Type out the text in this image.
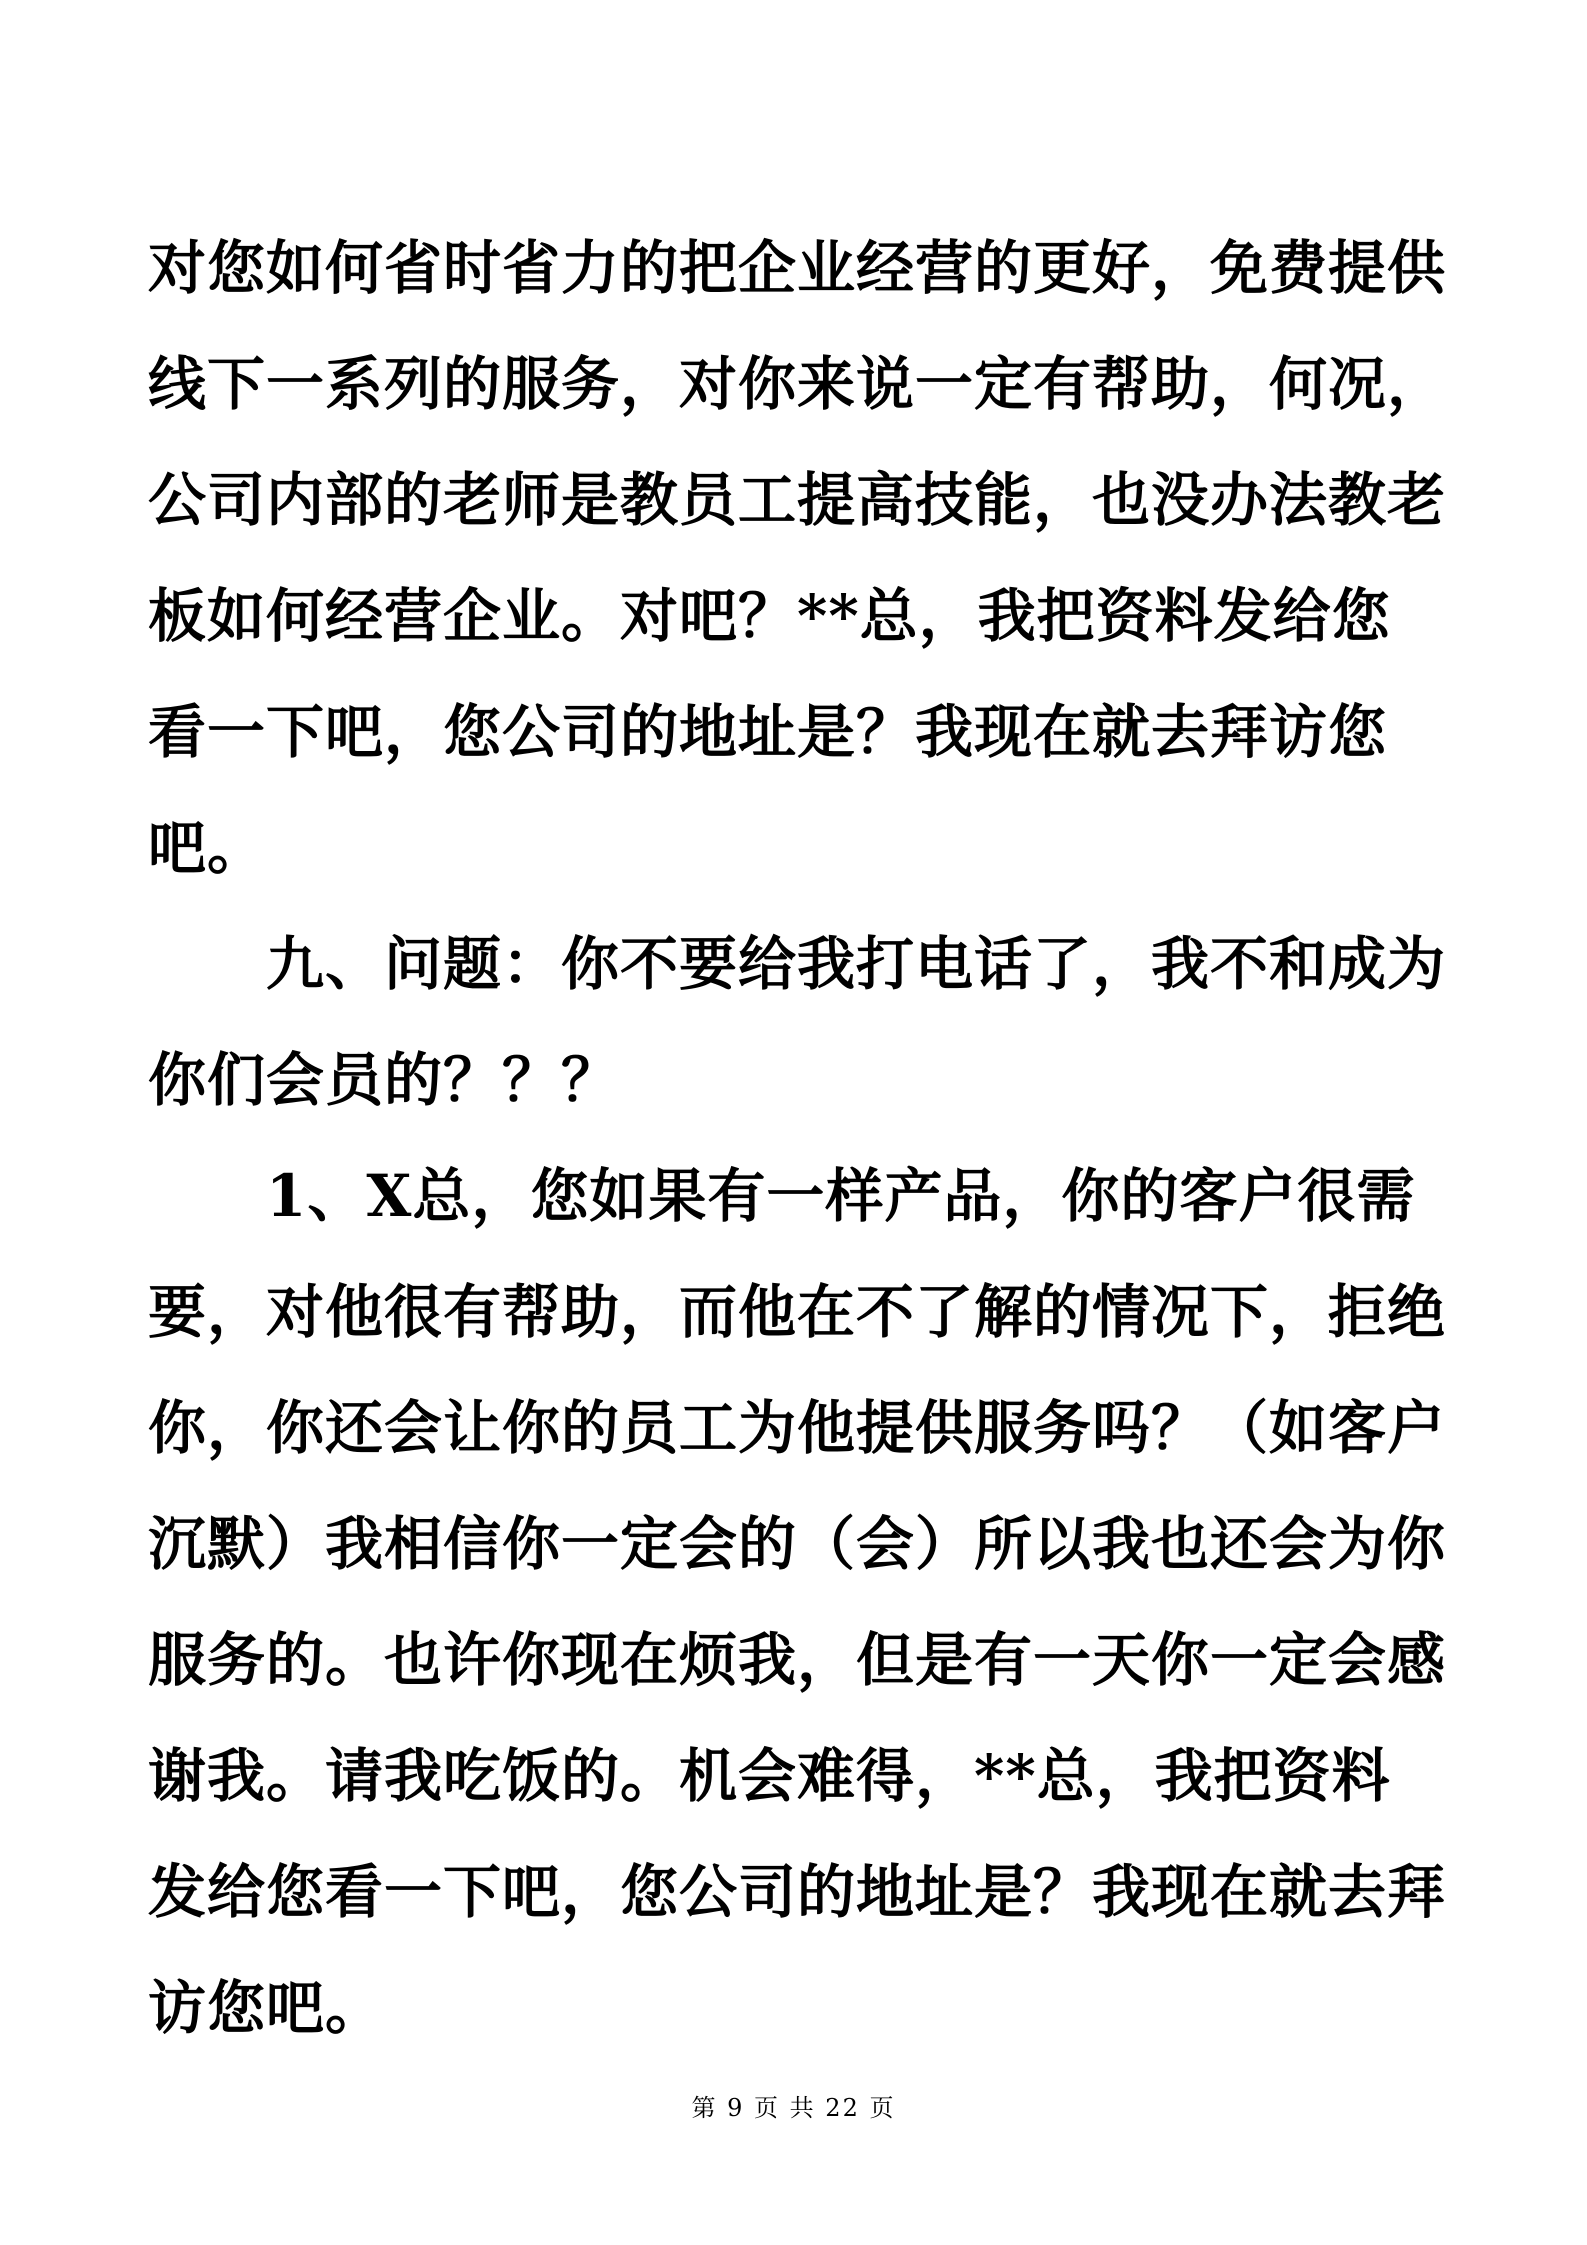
对您如何省时省力的把企业经营的更好，免费提供线下一系列的服务，对你来说一定有帮助，何况，公司内部的老师是教员工提高技能，也没办法教老板如何经营企业。对吧？**总，我把资料发给您看一下吧，您公司的地址是？我现在就去拜访您吧。

九、问题：你不要给我打电话了，我不和成为你们会员的？？？

1、X总，您如果有一样产品，你的客户很需要，对他很有帮助，而他在不了解的情况下，拒绝你，你还会让你的员工为他提供服务吗？（如客户沉默）我相信你一定会的（会）所以我也还会为你服务的。也许你现在烦我，但是有一天你一定会感谢我。请我吃饭的。机会难得，**总，我把资料发给您看一下吧，您公司的地址是？我现在就去拜访您吧。

第 9 页 共 22 页
